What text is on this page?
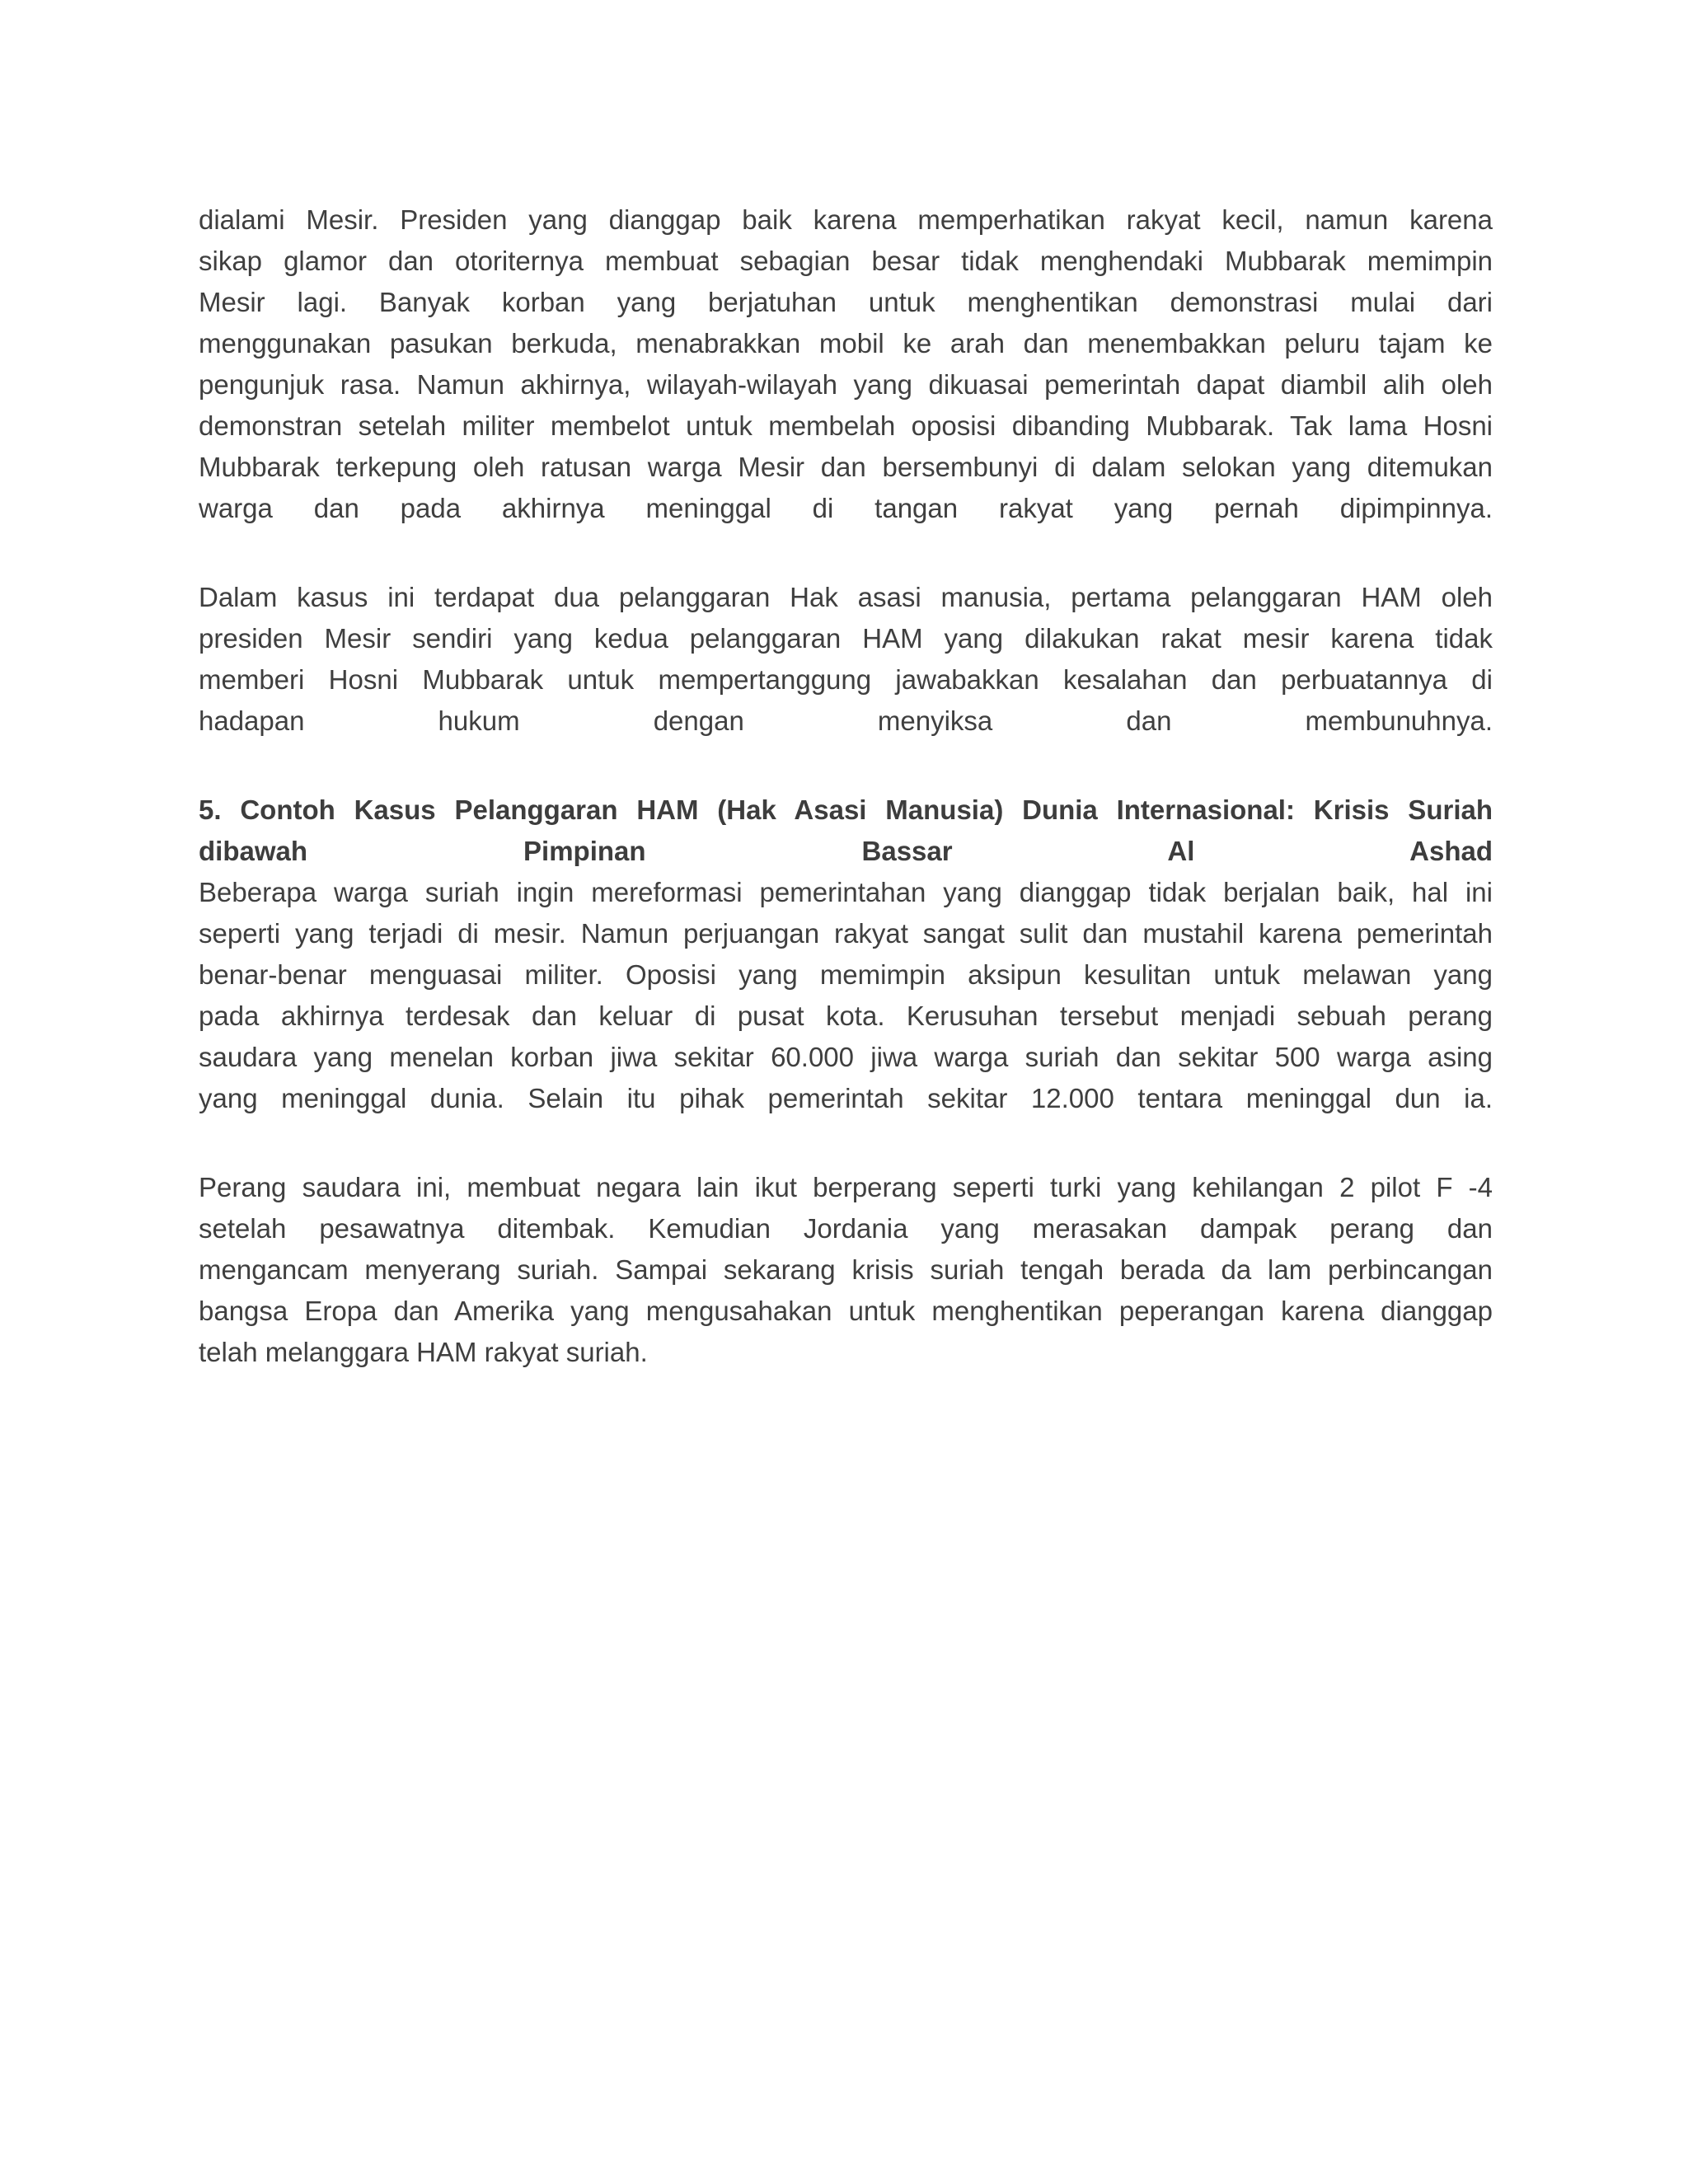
dialami Mesir. Presiden yang dianggap baik karena memperhatikan rakyat kecil, namun karena
sikap glamor dan otoriternya membuat sebagian besar tidak menghendaki Mubbarak memimpin
Mesir lagi. Banyak korban yang berjatuhan untuk menghentikan demonstrasi mulai dari
menggunakan pasukan berkuda, menabrakkan mobil ke arah dan menembakkan peluru tajam ke
pengunjuk rasa. Namun akhirnya, wilayah-wilayah yang dikuasai pemerintah dapat diambil alih oleh
demonstran setelah militer membelot untuk membelah oposisi dibanding Mubbarak. Tak lama Hosni
Mubbarak terkepung oleh ratusan warga Mesir dan bersembunyi di dalam selokan yang ditemukan
warga dan pada akhirnya meninggal di tangan rakyat yang pernah dipimpinnya.
Dalam kasus ini terdapat dua pelanggaran Hak asasi manusia, pertama pelanggaran HAM oleh
presiden Mesir sendiri yang kedua pelanggaran HAM yang dilakukan rakat mesir karena tidak
memberi Hosni Mubbarak untuk mempertanggung jawabakkan kesalahan dan perbuatannya di
hadapan hukum dengan menyiksa dan membunuhnya.
5. Contoh Kasus Pelanggaran HAM (Hak Asasi Manusia) Dunia Internasional: Krisis Suriah
dibawah Pimpinan Bassar Al Ashad
Beberapa warga suriah ingin mereformasi pemerintahan yang dianggap tidak berjalan baik, hal ini
seperti yang terjadi di mesir. Namun perjuangan rakyat sangat sulit dan mustahil karena pemerintah
benar-benar menguasai militer. Oposisi yang memimpin aksipun kesulitan untuk melawan yang
pada akhirnya terdesak dan keluar di pusat kota. Kerusuhan tersebut menjadi sebuah perang
saudara yang menelan korban jiwa sekitar 60.000 jiwa warga suriah dan sekitar 500 warga asing
yang meninggal dunia. Selain itu pihak pemerintah sekitar 12.000 tentara meninggal dun ia.
Perang saudara ini, membuat negara lain ikut berperang seperti turki yang kehilangan 2 pilot F -4
setelah pesawatnya ditembak. Kemudian Jordania yang merasakan dampak perang dan
mengancam menyerang suriah. Sampai sekarang krisis suriah tengah berada da lam perbincangan
bangsa Eropa dan Amerika yang mengusahakan untuk menghentikan peperangan karena dianggap
telah melanggara HAM rakyat suriah.
